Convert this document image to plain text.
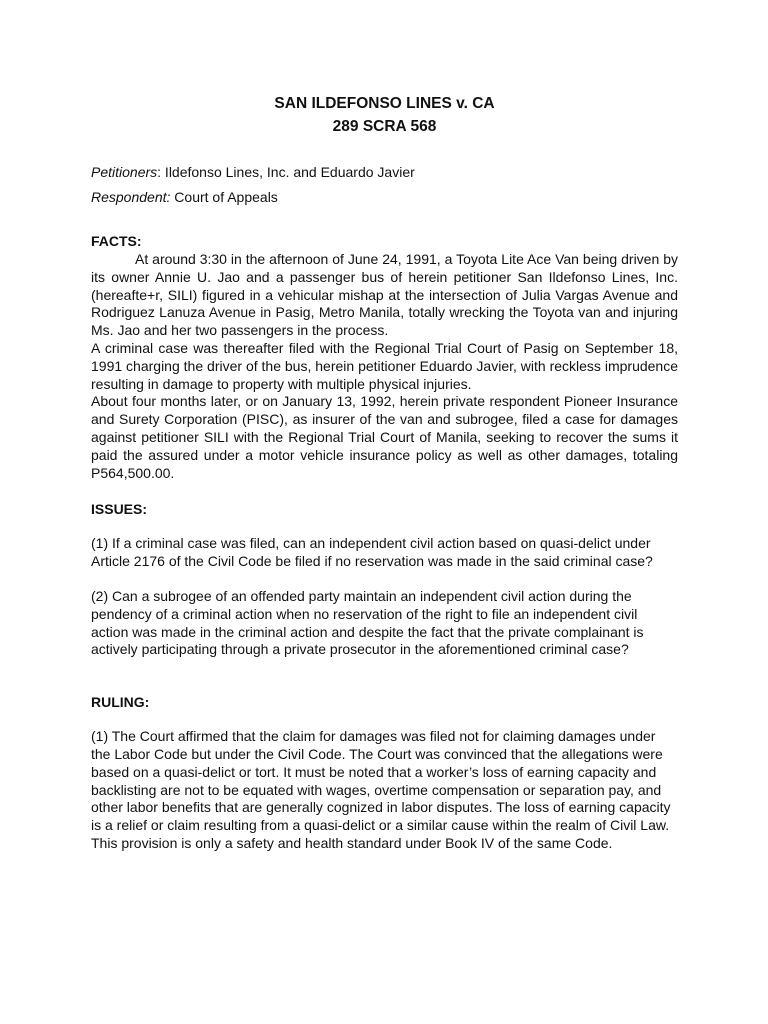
SAN ILDEFONSO LINES v. CA

289 SCRA 568

Petitioners: Ildefonso Lines, Inc. and Eduardo Javier

Respondent: Court of Appeals

FACTS:

At around 3:30 in the afternoon of June 24, 1991, a Toyota Lite Ace Van being driven by its owner Annie U. Jao and a passenger bus of herein petitioner San Ildefonso Lines, Inc. (hereafte+r, SILI) figured in a vehicular mishap at the intersection of Julia Vargas Avenue and Rodriguez Lanuza Avenue in Pasig, Metro Manila, totally wrecking the Toyota van and injuring Ms. Jao and her two passengers in the process.

A criminal case was thereafter filed with the Regional Trial Court of Pasig on September 18, 1991 charging the driver of the bus, herein petitioner Eduardo Javier, with reckless imprudence resulting in damage to property with multiple physical injuries.

About four months later, or on January 13, 1992, herein private respondent Pioneer Insurance and Surety Corporation (PISC), as insurer of the van and subrogee, filed a case for damages against petitioner SILI with the Regional Trial Court of Manila, seeking to recover the sums it paid the assured under a motor vehicle insurance policy as well as other damages, totaling P564,500.00.

ISSUES:

(1) If a criminal case was filed, can an independent civil action based on quasi-delict under Article 2176 of the Civil Code be filed if no reservation was made in the said criminal case?

(2) Can a subrogee of an offended party maintain an independent civil action during the pendency of a criminal action when no reservation of the right to file an independent civil action was made in the criminal action and despite the fact that the private complainant is actively participating through a private prosecutor in the aforementioned criminal case?

RULING:

(1) The Court affirmed that the claim for damages was filed not for claiming damages under the Labor Code but under the Civil Code. The Court was convinced that the allegations were based on a quasi-delict or tort. It must be noted that a worker’s loss of earning capacity and backlisting are not to be equated with wages, overtime compensation or separation pay, and other labor benefits that are generally cognized in labor disputes. The loss of earning capacity is a relief or claim resulting from a quasi-delict or a similar cause within the realm of Civil Law. This provision is only a safety and health standard under Book IV of the same Code.
